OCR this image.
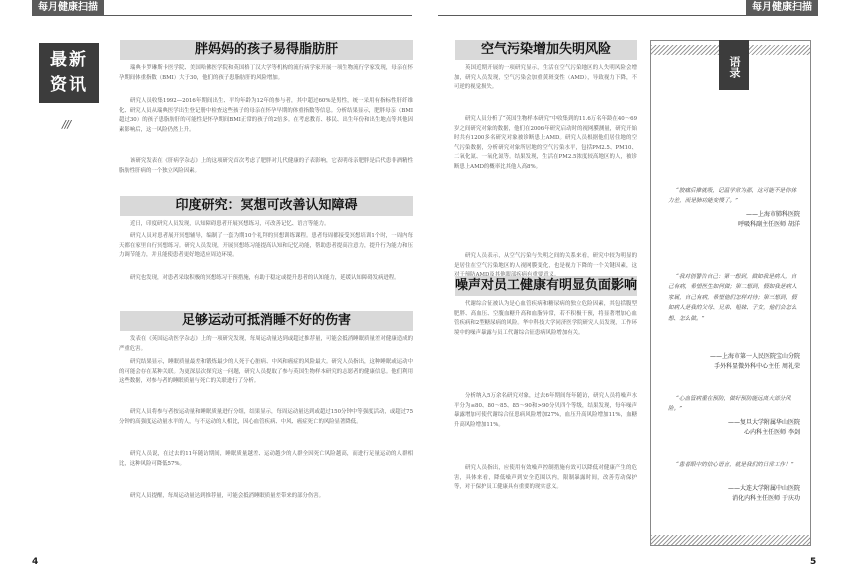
每月健康扫描	每月健康扫描
最新
资讯
///
胖妈妈的孩子易得脂肪肝
瑞典卡罗琳斯卡医学院、美国哈佛医学院和英国格丁汉大学等机构的流行病学家开展一项生物流行学家发现，母亲在怀孕期间体重指数（BMI）大于30，他们的孩子患脂肪肝的风险增加。
研究人员收集1992—2016年期间出生、平均年龄为12年的参与者，其中超过60%是男性，统一采用有指标性肝纤维化、研究人员从瑞典医学出生登记册中检查这些孩子的母亲在怀孕早期的体重指数等信息。分析结果显示，肥胖母亲（BMI超过30）的孩子患脂肪肝的可能性是怀孕期间BMI正常的孩子的2倍多。在考虑教育、移民、出生年份和出生地点等其他因素影响后，这一风险仍然上升。
该研究发表在《肝病学杂志》上的这项研究首次考虑了肥胖对儿代健康的子表影响，它表明母亲肥胖是后代患非酒精性脂肪性肝病的一个独立风险因素。
印度研究：冥想可改善认知障碍
近日，印度研究人员发现，认知障碍患者开展冥想练习，可改善记忆、语言等能力。
研究人员对患者展开冥想辅导，编制了一套为期10个礼拜的冥想训练课程。患者每周都接受冥想培训1个时，一周内每天都在家里自行冥想练习。研究人员发现，开展冥想练习能提高认知和记忆功能，帮助患者提高注意力，提升行为能力和压力调节能力，并且能使患者更好地适应周边环境。
研究也发现，对患者采取积极的冥想练习干预措施，有助于稳定或提升患者的认知能力，延缓认知障碍发病进程。
足够运动可抵消睡不好的伤害
发表在《英国运动医学杂志》上的一项研究发现，每周运动量达到或超过推荐量，可能会抵消睡眠质量差对健康造成的严重危害。
研究结果显示，睡眠质量最差和锻炼最少的人死于心脏病、中风和癌症的风险最大。研究人员指出，这种睡眠或运动中的可能会存在某种关联。为更深层次探究这一问题，研究人员提取了参与英国生物样本研究的志愿者的健康信息。他们利用这些数据，对参与者的睡眠质量与死亡的关联进行了分析。
研究人员将参与者按运动量和睡眠质量进行分组，结果显示，每周运动量达到或超过150分钟中等强度活动，或超过75分钟的高强度运动量水平的人，与不运动的人相比，因心血管疾病、中风、癌症死亡的风险显著降低。
研究人员说，在过去的11年随访期间，睡眠质量越差、运动越少的人群全因死亡风险越高，而进行足量运动的人群相比，这种风险可降低57%。
研究人员提醒，每周运动量达到推荐量，可能会抵消睡眠质量差带来的部分伤害。
空气污染增加失明风险
英国近期开展的一项研究显示，生活在空气污染地区的人失明风险会增加，研究人员发现，空气污染会加重黄斑变性（AMD），导致视力下降，不可逆的视觉损失。
研究人员分析了“英国生物样本研究”中收集到的11.6万名年龄在40～69岁之间研究对象的数据，他们在2006年研究启动时的视网膜测量，研究开始时共有1200多名研究对象被诊断患上AMD。研究人员根据他们居住地的空气污染数据，分析研究对象所居地的空气污染水平，包括PM2.5、PM10、二氧化氮、一氧化氮等。结果发现，生活在PM2.5浓度较高地区的人，被诊断患上AMD的概率比其他人高8%。
研究人员表示，从空气污染与失明之间的关系来看，研究中较为明显的是居住在空气污染地区的人视网膜变化，也是视力下降的一个关键因素，这
噪声对员工健康有明显负面影响
代谢综合征被认为是心血管疾病和糖尿病的独立危险因素，其包括腹型肥胖、高血压、空腹血糖升高和血脂异常，若不积极干预，将显著增加心血管疾病和2型糖尿病的风险。华中科技大学同济医学院研究人员发现，工作环境中的噪声暴露与员工代谢综合征患病风险增加有关。
分析纳入5万余名研究对象，过去6年期间每年随访，研究人员将噪声水平分为≤80、80～85、85～90和>90分贝四个等级，结果发现，每年噪声暴露增加可使代谢综合征患病风险增加27%，血压升高风险增加11%，血糖升高风险增加11%。
研究人员指出，应使用有效噪声控制措施有效可以降低对健康产生的危害，具体来看，降低噪声到安全范围以内，限制暴露时间，改善劳动保护等，对于保护员工健康具有重要的现实意义。
语录
“胶痛后推就吸，记温学常为那，这可能不是你体力差，而是肺功能变慢了。”
——上海市肺科医院
呼吸科副主任医师 胡洋
“我对创警告自己：第一想到，做如我是病人，自己有病，希望医生如何做；第二想到，假如我是病人家属，自己有病，希望他们怎样对待；第三想到，假如病人是我的父母、兄弟、姐妹、子女，他们会怎么想、怎么做。”
——上海市第一人民医院宝山分院
手外科显微外科中心主任 周礼荣
“心血管病重在预防，做好预防能远离大部分风险。”
——复旦大学附属华山医院
心内科主任医师 李剑
“患者眼中的信心语言，就是我们的日常工作！”
——大连大学附属中山医院
消化内科主任医师 于庆功
4	5
